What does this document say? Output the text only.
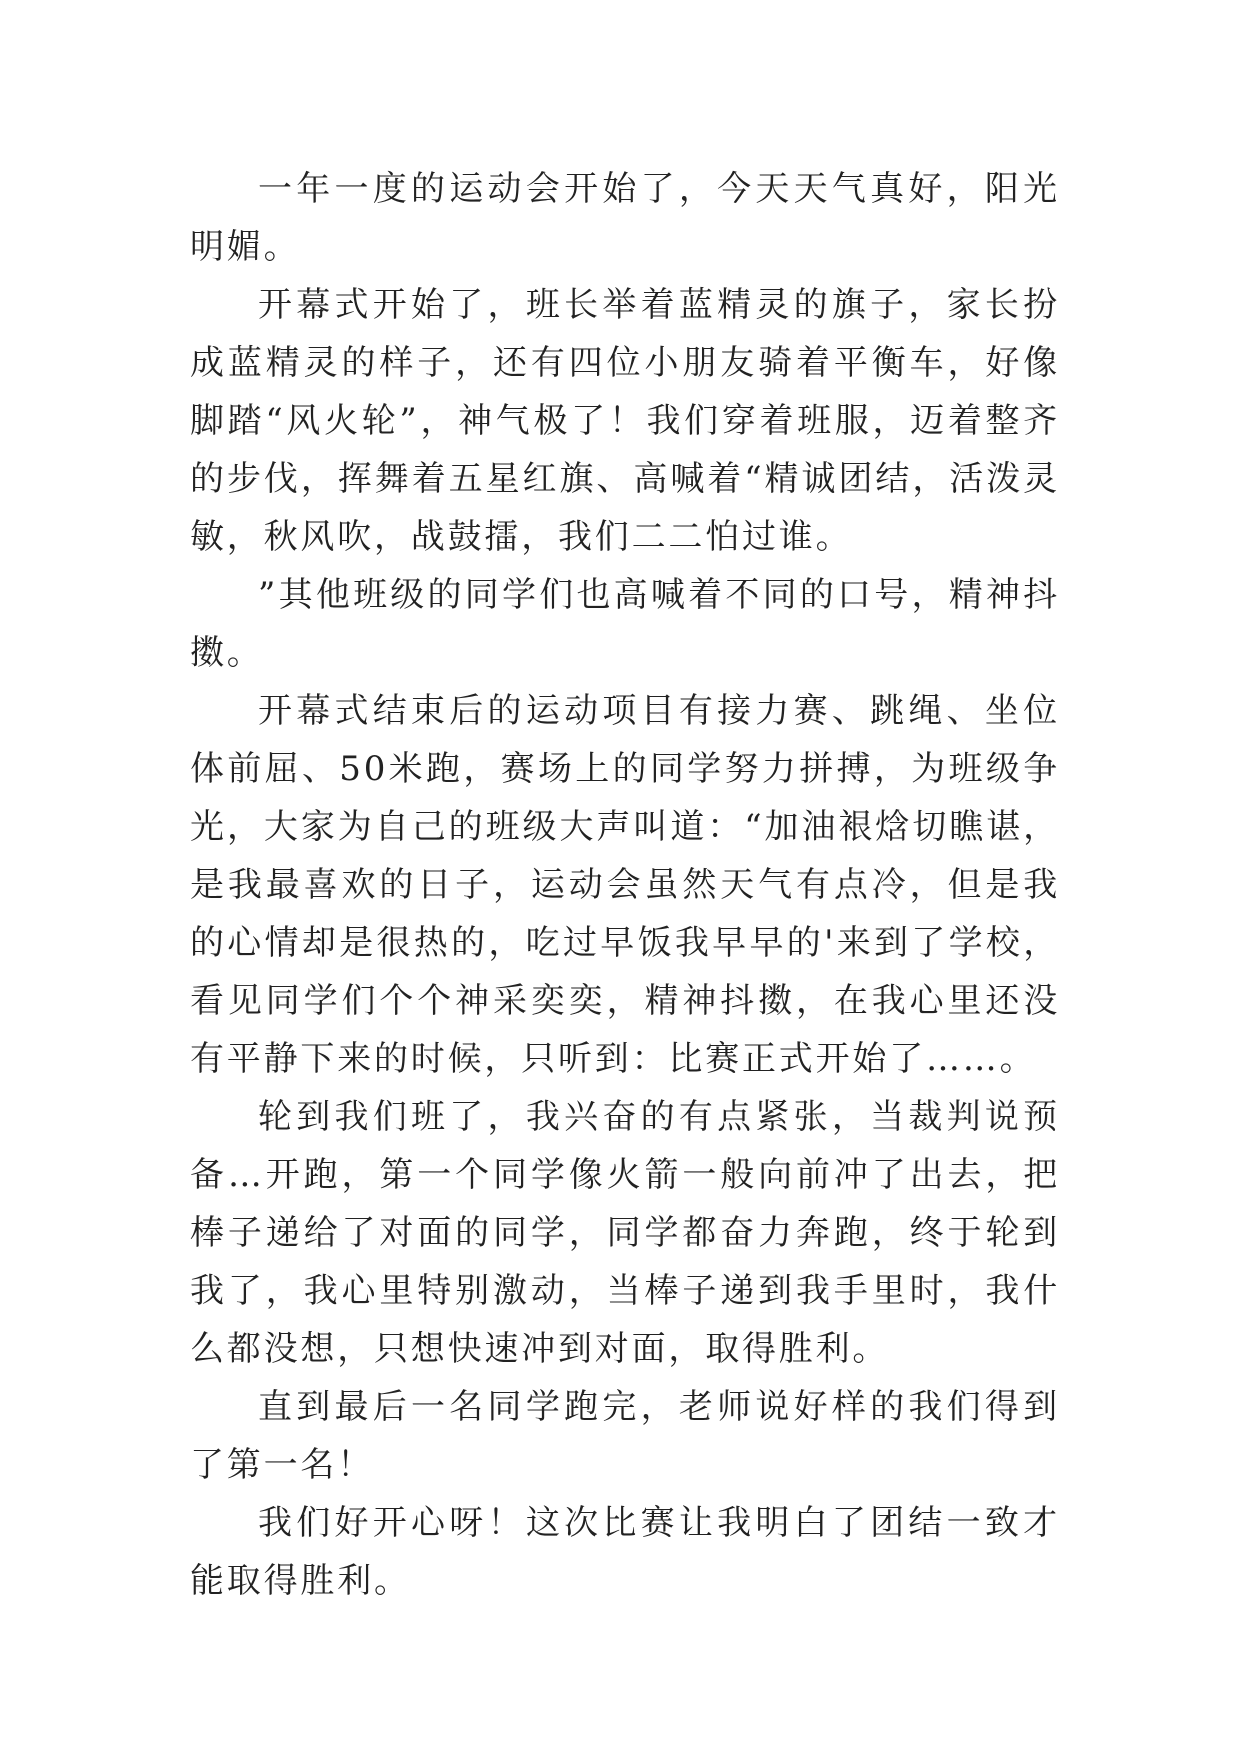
一年一度的运动会开始了，今天天气真好，阳光明媚。

开幕式开始了，班长举着蓝精灵的旗子，家长扮成蓝精灵的样子，还有四位小朋友骑着平衡车，好像脚踏“风火轮”，神气极了！我们穿着班服，迈着整齐的步伐，挥舞着五星红旗、高喊着“精诚团结，活泼灵敏，秋风吹，战鼓擂，我们二二怕过谁。

”其他班级的同学们也高喊着不同的口号，精神抖擞。

开幕式结束后的运动项目有接力赛、跳绳、坐位体前屈、50米跑，赛场上的同学努力拼搏，为班级争光，大家为自己的班级大声叫道：“加油裉焓切瞧谌，是我最喜欢的日子，运动会虽然天气有点冷，但是我的心情却是很热的，吃过早饭我早早的'来到了学校，看见同学们个个神采奕奕，精神抖擞，在我心里还没有平静下来的时候，只听到：比赛正式开始了……。

轮到我们班了，我兴奋的有点紧张，当裁判说预备…开跑，第一个同学像火箭一般向前冲了出去，把棒子递给了对面的同学，同学都奋力奔跑，终于轮到我了，我心里特别激动，当棒子递到我手里时，我什么都没想，只想快速冲到对面，取得胜利。

直到最后一名同学跑完，老师说好样的我们得到了第一名！

我们好开心呀！这次比赛让我明白了团结一致才能取得胜利。
